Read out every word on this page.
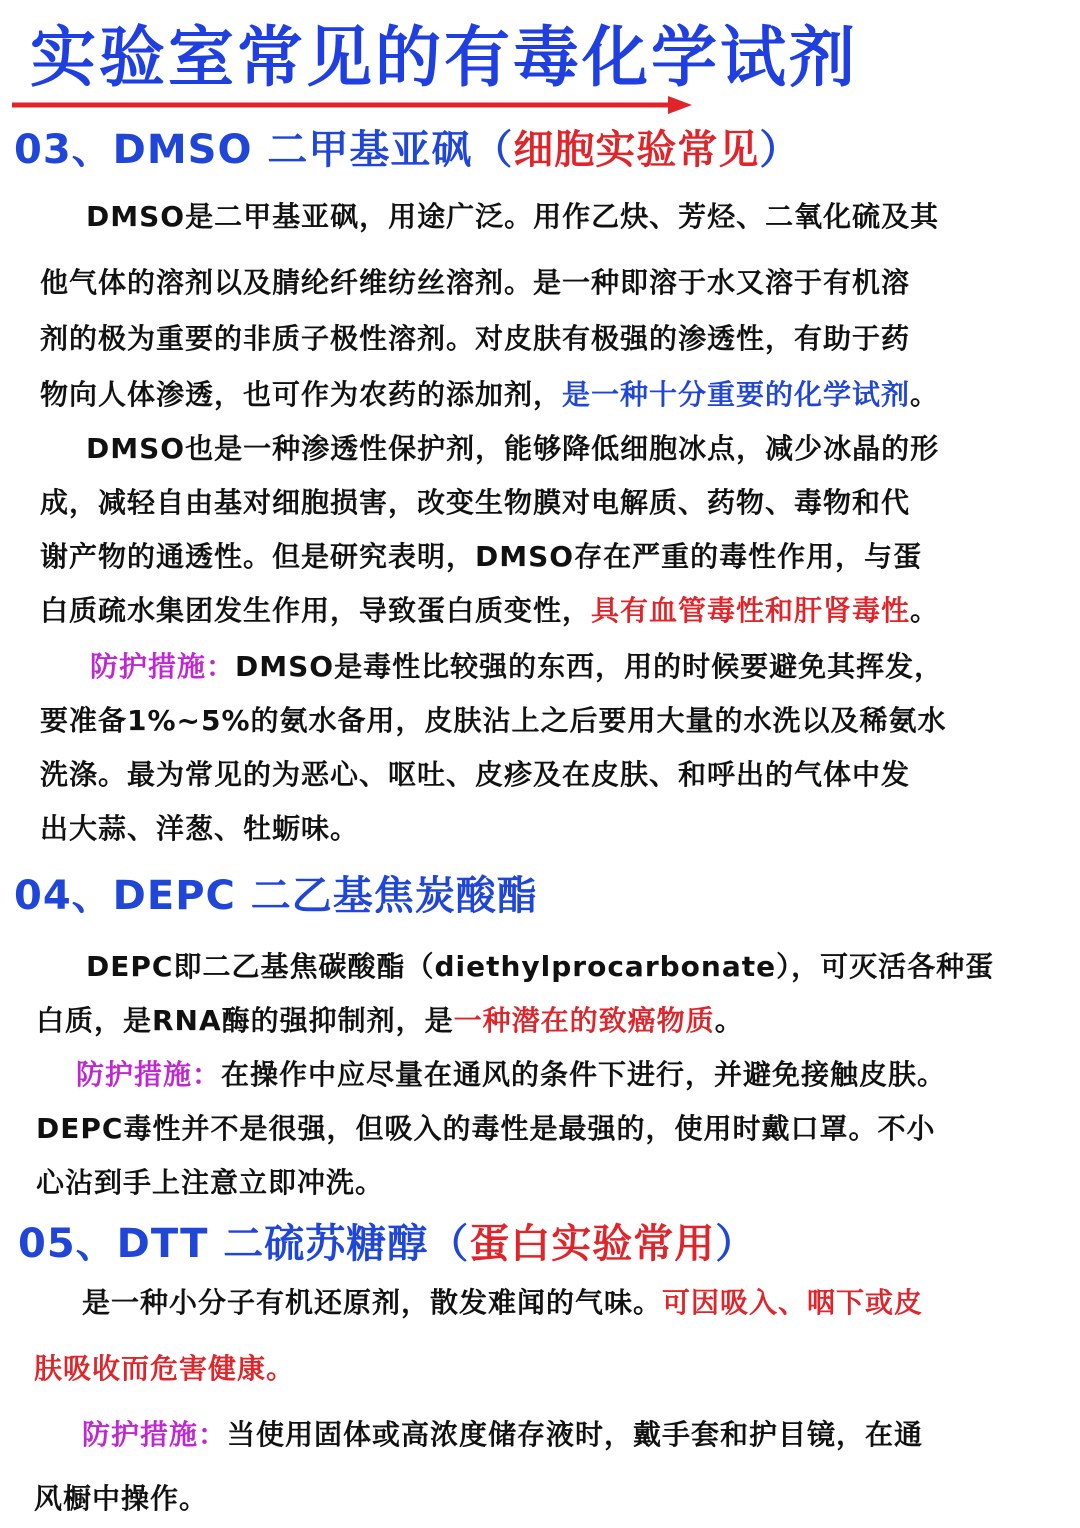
实验室常见的有毒化学试剂
03、DMSO 二甲基亚砜（细胞实验常见）
DMSO是二甲基亚砜，用途广泛。用作乙炔、芳烃、二氧化硫及其
他气体的溶剂以及腈纶纤维纺丝溶剂。是一种即溶于水又溶于有机溶
剂的极为重要的非质子极性溶剂。对皮肤有极强的渗透性，有助于药
物向人体渗透，也可作为农药的添加剂，是一种十分重要的化学试剂。
DMSO也是一种渗透性保护剂，能够降低细胞冰点，减少冰晶的形
成，减轻自由基对细胞损害，改变生物膜对电解质、药物、毒物和代
谢产物的通透性。但是研究表明，DMSO存在严重的毒性作用，与蛋
白质疏水集团发生作用，导致蛋白质变性，具有血管毒性和肝肾毒性。
防护措施：DMSO是毒性比较强的东西，用的时候要避免其挥发，
要准备1%~5%的氨水备用，皮肤沾上之后要用大量的水洗以及稀氨水
洗涤。最为常见的为恶心、呕吐、皮疹及在皮肤、和呼出的气体中发
出大蒜、洋葱、牡蛎味。
04、DEPC 二乙基焦炭酸酯
DEPC即二乙基焦碳酸酯（diethylprocarbonate），可灭活各种蛋
白质，是RNA酶的强抑制剂，是一种潜在的致癌物质。
防护措施：在操作中应尽量在通风的条件下进行，并避免接触皮肤。
DEPC毒性并不是很强，但吸入的毒性是最强的，使用时戴口罩。不小
心沾到手上注意立即冲洗。
05、DTT 二硫苏糖醇（蛋白实验常用）
是一种小分子有机还原剂，散发难闻的气味。可因吸入、咽下或皮
肤吸收而危害健康。
防护措施：当使用固体或高浓度储存液时，戴手套和护目镜，在通
风橱中操作。
